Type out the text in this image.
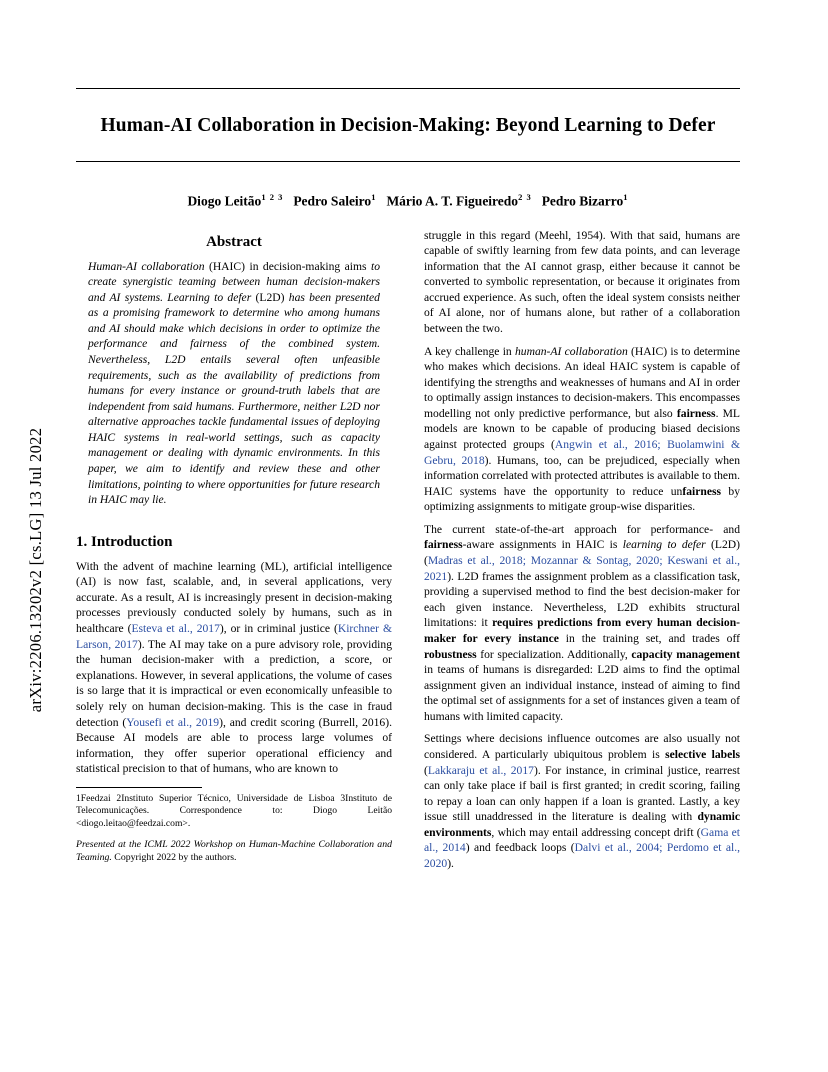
arXiv:2206.13202v2 [cs.LG] 13 Jul 2022
Human-AI Collaboration in Decision-Making: Beyond Learning to Defer
Diogo Leitão$^{1 2 3}$ Pedro Saleiro$^1$ Mário A. T. Figueiredo$^{2 3}$ Pedro Bizarro$^1$
Abstract
Human-AI collaboration (HAIC) in decision-making aims to create synergistic teaming between human decision-makers and AI systems. Learning to defer (L2D) has been presented as a promising framework to determine who among humans and AI should make which decisions in order to optimize the performance and fairness of the combined system. Nevertheless, L2D entails several often unfeasible requirements, such as the availability of predictions from humans for every instance or ground-truth labels that are independent from said humans. Furthermore, neither L2D nor alternative approaches tackle fundamental issues of deploying HAIC systems in real-world settings, such as capacity management or dealing with dynamic environments. In this paper, we aim to identify and review these and other limitations, pointing to where opportunities for future research in HAIC may lie.
1. Introduction

With the advent of machine learning (ML), artificial intelligence (AI) is now fast, scalable, and, in several applications, very accurate. As a result, AI is increasingly present in decision-making processes previously conducted solely by humans, such as in healthcare (Esteva et al., 2017), or in criminal justice (Kirchner & Larson, 2017). The AI may take on a pure advisory role, providing the human decision-maker with a prediction, a score, or explanations. However, in several applications, the volume of cases is so large that it is impractical or even economically unfeasible to solely rely on human decision-making. This is the case in fraud detection (Yousefi et al., 2019), and credit scoring (Burrell, 2016). Because AI models are able to process large volumes of information, they offer superior operational efficiency and statistical precision to that of humans, who are known to

1Feedzai 2Instituto Superior Técnico, Universidade de Lisboa 3Instituto de Telecomunicações. Correspondence to: Diogo Leitão <diogo.leitao@feedzai.com>.
Presented at the ICML 2022 Workshop on Human-Machine Collaboration and Teaming. Copyright 2022 by the authors.

struggle in this regard (Meehl, 1954). With that said, humans are capable of swiftly learning from few data points, and can leverage information that the AI cannot grasp, either because it cannot be converted to symbolic representation, or because it originates from accrued experience. As such, often the ideal system consists neither of AI alone, nor of humans alone, but rather of a collaboration between the two.

A key challenge in human-AI collaboration (HAIC) is to determine who makes which decisions. An ideal HAIC system is capable of identifying the strengths and weaknesses of humans and AI in order to optimally assign instances to decision-makers. This encompasses modelling not only predictive performance, but also fairness. ML models are known to be capable of producing biased decisions against protected groups (Angwin et al., 2016; Buolamwini & Gebru, 2018). Humans, too, can be prejudiced, especially when information correlated with protected attributes is available to them. HAIC systems have the opportunity to reduce unfairness by optimizing assignments to mitigate group-wise disparities.

The current state-of-the-art approach for performance- and fairness-aware assignments in HAIC is learning to defer (L2D) (Madras et al., 2018; Mozannar & Sontag, 2020; Keswani et al., 2021). L2D frames the assignment problem as a classification task, providing a supervised method to find the best decision-maker for each given instance. Nevertheless, L2D exhibits structural limitations: it requires predictions from every human decision-maker for every instance in the training set, and trades off robustness for specialization. Additionally, capacity management in teams of humans is disregarded: L2D aims to find the optimal assignment given an individual instance, instead of aiming to find the optimal set of assignments for a set of instances given a team of humans with limited capacity.

Settings where decisions influence outcomes are also usually not considered. A particularly ubiquitous problem is selective labels (Lakkaraju et al., 2017). For instance, in criminal justice, rearrest can only take place if bail is first granted; in credit scoring, failing to repay a loan can only happen if a loan is granted. Lastly, a key issue still unaddressed in the literature is dealing with dynamic environments, which may entail addressing concept drift (Gama et al., 2014) and feedback loops (Dalvi et al., 2004; Perdomo et al., 2020).
